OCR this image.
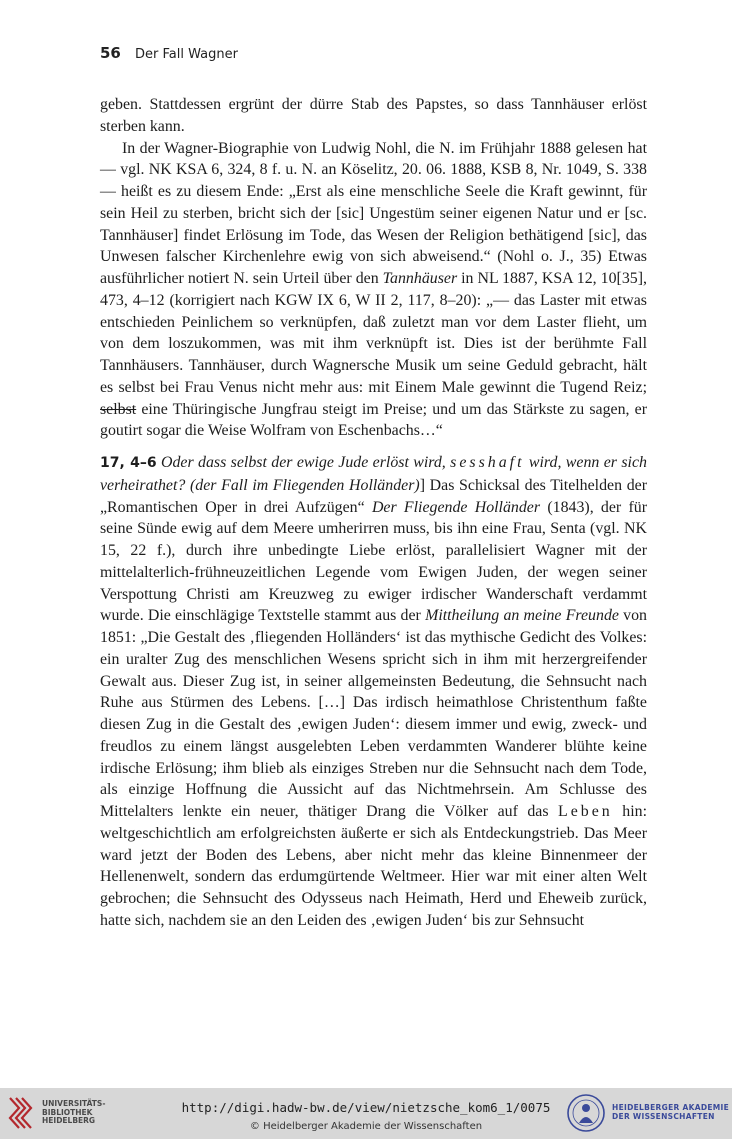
56 Der Fall Wagner

geben. Stattdessen ergrünt der dürre Stab des Papstes, so dass Tannhäuser erlöst sterben kann.

In der Wagner-Biographie von Ludwig Nohl, die N. im Frühjahr 1888 gelesen hat — vgl. NK KSA 6, 324, 8 f. u. N. an Köselitz, 20. 06. 1888, KSB 8, Nr. 1049, S. 338 — heißt es zu diesem Ende: „Erst als eine menschliche Seele die Kraft gewinnt, für sein Heil zu sterben, bricht sich der [sic] Ungestüm seiner eigenen Natur und er [sc. Tannhäuser] findet Erlösung im Tode, das Wesen der Religion bethätigend [sic], das Unwesen falscher Kirchenlehre ewig von sich abweisend.“ (Nohl o. J., 35) Etwas ausführlicher notiert N. sein Urteil über den Tannhäuser in NL 1887, KSA 12, 10[35], 473, 4–12 (korrigiert nach KGW IX 6, W II 2, 117, 8–20): „— das Laster mit etwas entschieden Peinlichem so verknüpfen, daß zuletzt man vor dem Laster flieht, um von dem loszukommen, was mit ihm verknüpft ist. Dies ist der berühmte Fall Tannhäusers. Tannhäuser, durch Wagnersche Musik um seine Geduld gebracht, hält es selbst bei Frau Venus nicht mehr aus: mit Einem Male gewinnt die Tugend Reiz; selbst eine Thüringische Jungfrau steigt im Preise; und um das Stärkste zu sagen, er goutirt sogar die Weise Wolfram von Eschenbachs…“

17, 4–6 Oder dass selbst der ewige Jude erlöst wird, sesshaft wird, wenn er sich verheirathet? (der Fall im Fliegenden Holländer)] Das Schicksal des Titelhelden der „Romantischen Oper in drei Aufzügen“ Der Fliegende Holländer (1843), der für seine Sünde ewig auf dem Meere umherirren muss, bis ihn eine Frau, Senta (vgl. NK 15, 22 f.), durch ihre unbedingte Liebe erlöst, parallelisiert Wagner mit der mittelalterlich-frühneuzeitlichen Legende vom Ewigen Juden, der wegen seiner Verspottung Christi am Kreuzweg zu ewiger irdischer Wanderschaft verdammt wurde. Die einschlägige Textstelle stammt aus der Mittheilung an meine Freunde von 1851: „Die Gestalt des ‚fliegenden Holländers‘ ist das mythische Gedicht des Volkes: ein uralter Zug des menschlichen Wesens spricht sich in ihm mit herzergreifender Gewalt aus. Dieser Zug ist, in seiner allgemeinsten Bedeutung, die Sehnsucht nach Ruhe aus Stürmen des Lebens. […] Das irdisch heimathlose Christenthum faßte diesen Zug in die Gestalt des ‚ewigen Juden‘: diesem immer und ewig, zweck- und freudlos zu einem längst ausgelebten Leben verdammten Wanderer blühte keine irdische Erlösung; ihm blieb als einziges Streben nur die Sehnsucht nach dem Tode, als einzige Hoffnung die Aussicht auf das Nichtmehrsein. Am Schlusse des Mittelalters lenkte ein neuer, thätiger Drang die Völker auf das Leben hin: weltgeschichtlich am erfolgreichsten äußerte er sich als Entdeckungstrieb. Das Meer ward jetzt der Boden des Lebens, aber nicht mehr das kleine Binnenmeer der Hellenenwelt, sondern das erdumgürtende Weltmeer. Hier war mit einer alten Welt gebrochen; die Sehnsucht des Odysseus nach Heimath, Herd und Eheweib zurück, hatte sich, nachdem sie an den Leiden des ‚ewigen Juden‘ bis zur Sehnsucht

UNIVERSITÄTS-
BIBLIOTHEK
HEIDELBERG
http://digi.hadw-bw.de/view/nietzsche_kom6_1/0075
© Heidelberger Akademie der Wissenschaften
HEIDELBERGER AKADEMIE
DER WISSENSCHAFTEN
